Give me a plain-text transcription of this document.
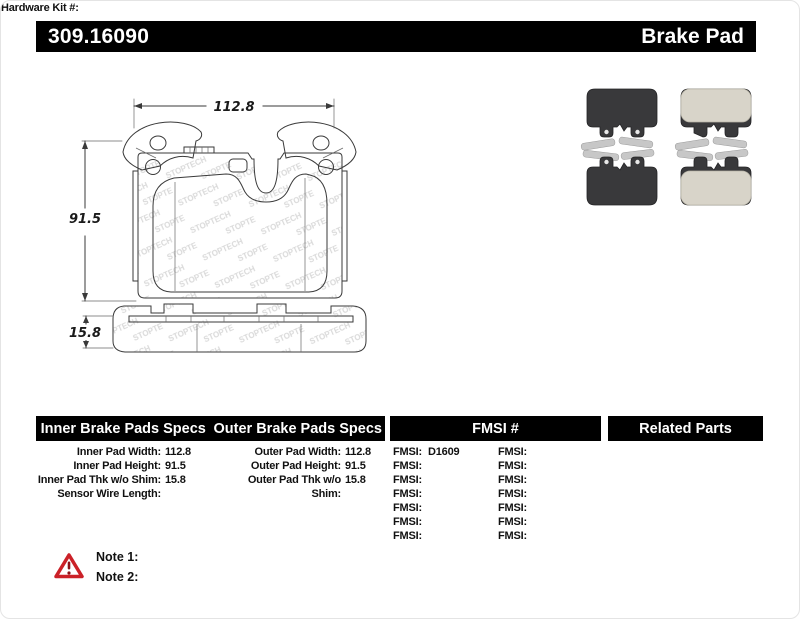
309.16090	Brake Pad
112.8
91.5
15.8
Inner Brake Pads Specs Outer Brake Pads Specs	FMSI #	Related Parts
Inner Pad Width: 112.8
Inner Pad Height: 91.5
Inner Pad Thk w/o Shim: 15.8
Sensor Wire Length:
Outer Pad Width: 112.8
Outer Pad Height: 91.5
Outer Pad Thk w/o Shim:
15.8
FMSI: D1609
FMSI:
FMSI:
FMSI:
FMSI:
FMSI:
FMSI:
FMSI:
FMSI:
FMSI:
FMSI:
FMSI:
FMSI:
FMSI:
Hardware Kit #:
Note 1:
Note 2:
